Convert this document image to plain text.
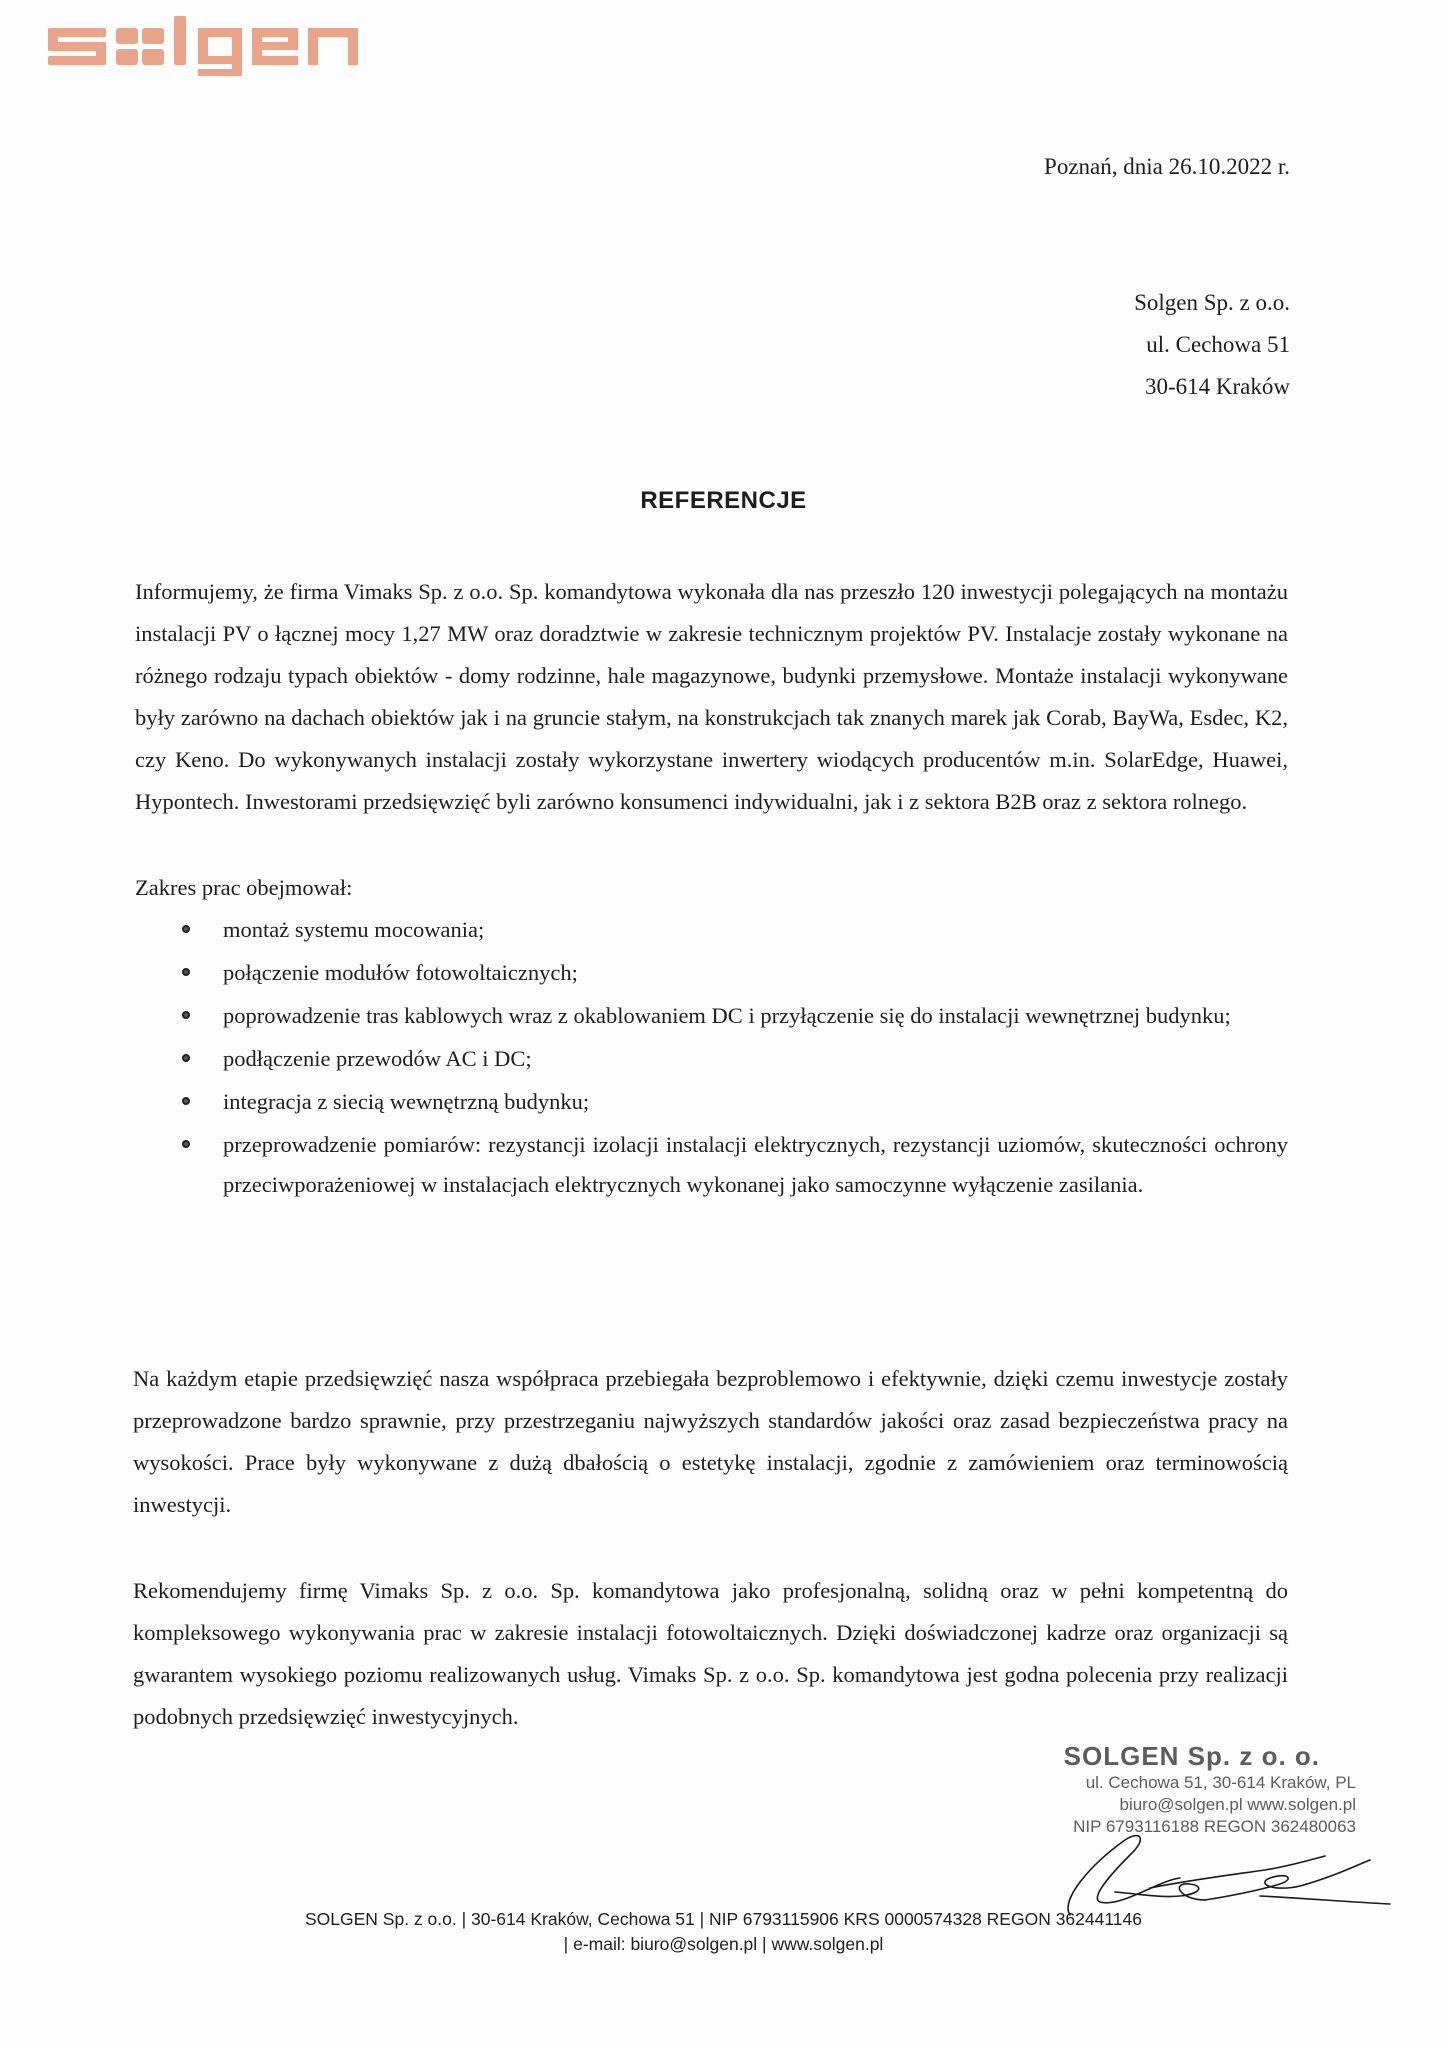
Poznań, dnia 26.10.2022 r.
Solgen Sp. z o.o.
ul. Cechowa 51
30-614 Kraków
REFERENCJE
Informujemy, że firma Vimaks Sp. z o.o. Sp. komandytowa wykonała dla nas przeszło 120 inwestycji polegających na montażu instalacji PV o łącznej mocy 1,27 MW oraz doradztwie w zakresie technicznym projektów PV. Instalacje zostały wykonane na różnego rodzaju typach obiektów - domy rodzinne, hale magazynowe, budynki przemysłowe. Montaże instalacji wykonywane były zarówno na dachach obiektów jak i na gruncie stałym, na konstrukcjach tak znanych marek jak Corab, BayWa, Esdec, K2, czy Keno. Do wykonywanych instalacji zostały wykorzystane inwertery wiodących producentów m.in. SolarEdge, Huawei, Hypontech. Inwestorami przedsięwzięć byli zarówno konsumenci indywidualni, jak i z sektora B2B oraz z sektora rolnego.
Zakres prac obejmował:
montaż systemu mocowania;
połączenie modułów fotowoltaicznych;
poprowadzenie tras kablowych wraz z okablowaniem DC i przyłączenie się do instalacji wewnętrznej budynku;
podłączenie przewodów AC i DC;
integracja z siecią wewnętrzną budynku;
przeprowadzenie pomiarów: rezystancji izolacji instalacji elektrycznych, rezystancji uziomów, skuteczności ochrony przeciwporażeniowej w instalacjach elektrycznych wykonanej jako samoczynne wyłączenie zasilania.
Na każdym etapie przedsięwzięć nasza współpraca przebiegała bezproblemowo i efektywnie, dzięki czemu inwestycje zostały przeprowadzone bardzo sprawnie, przy przestrzeganiu najwyższych standardów jakości oraz zasad bezpieczeństwa pracy na wysokości. Prace były wykonywane z dużą dbałością o estetykę instalacji, zgodnie z zamówieniem oraz terminowością inwestycji.
Rekomendujemy firmę Vimaks Sp. z o.o. Sp. komandytowa jako profesjonalną, solidną oraz w pełni kompetentną do kompleksowego wykonywania prac w zakresie instalacji fotowoltaicznych. Dzięki doświadczonej kadrze oraz organizacji są gwarantem wysokiego poziomu realizowanych usług. Vimaks Sp. z o.o. Sp. komandytowa jest godna polecenia przy realizacji podobnych przedsięwzięć inwestycyjnych.
SOLGEN Sp. z o. o.
ul. Cechowa 51, 30-614 Kraków, PL
biuro@solgen.pl www.solgen.pl
NIP 6793116188 REGON 362480063
SOLGEN Sp. z o.o. | 30-614 Kraków, Cechowa 51 | NIP 6793115906 KRS 0000574328 REGON 362441146
| e-mail: biuro@solgen.pl | www.solgen.pl
